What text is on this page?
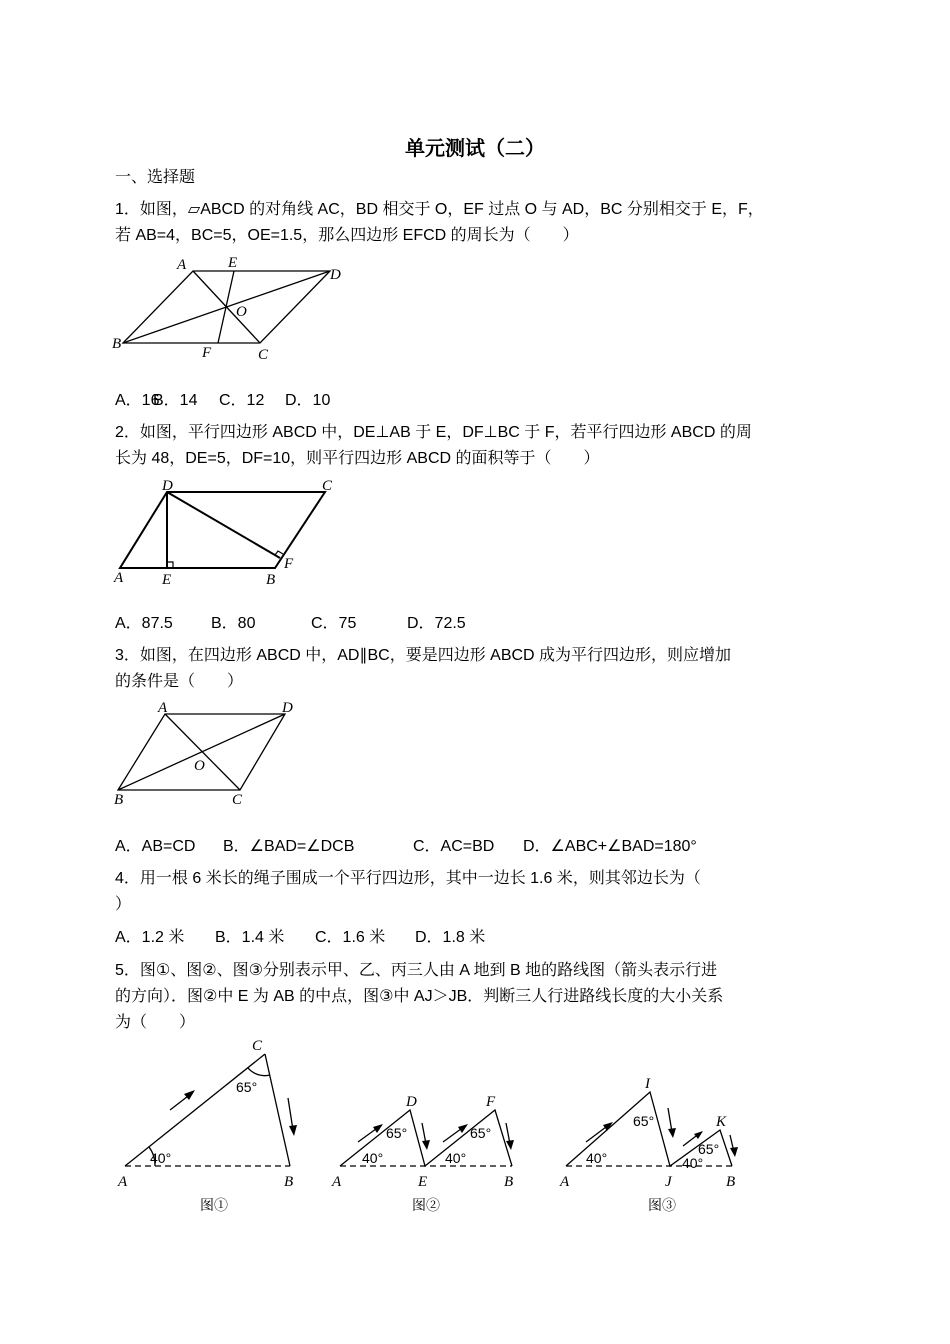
单元测试（二）
一、选择题
1．如图，▱ABCD 的对角线 AC，BD 相交于 O，EF 过点 O 与 AD，BC 分别相交于 E，F，
若 AB=4，BC=5，OE=1.5，那么四边形 EFCD 的周长为（　　）
A	E
D
O
B
F	C
A．16B．14 C．12 D．10
2．如图，平行四边形 ABCD 中，DE⊥AB 于 E，DF⊥BC 于 F，若平行四边形 ABCD 的周
长为 48，DE=5，DF=10，则平行四边形 ABCD 的面积等于（　　）
D	C
F
A	E	B
A．87.5 B．80	C．75	D．72.5
3．如图，在四边形 ABCD 中，AD∥BC，要是四边形 ABCD 成为平行四边形，则应增加
的条件是（　　）
A	D
O
B	C
A．AB=CD B．∠BAD=∠DCB	C．AC=BD D．∠ABC+∠BAD=180°
4．用一根 6 米长的绳子围成一个平行四边形，其中一边长 1.6 米，则其邻边长为（
）
A．1.2 米 B．1.4 米 C．1.6 米 D．1.8 米
5．图①、图②、图③分别表示甲、乙、丙三人由 A 地到 B 地的路线图（箭头表示行进
的方向）．图②中 E 为 AB 的中点，图③中 AJ＞JB．判断三人行进路线长度的大小关系
为（　　）
C
65°
40°
A	B
图①
D	F
65°	65°
40°	40°
A	E	B
图②
I
K
65°
65°
40°	40°
A	J	B
图③
